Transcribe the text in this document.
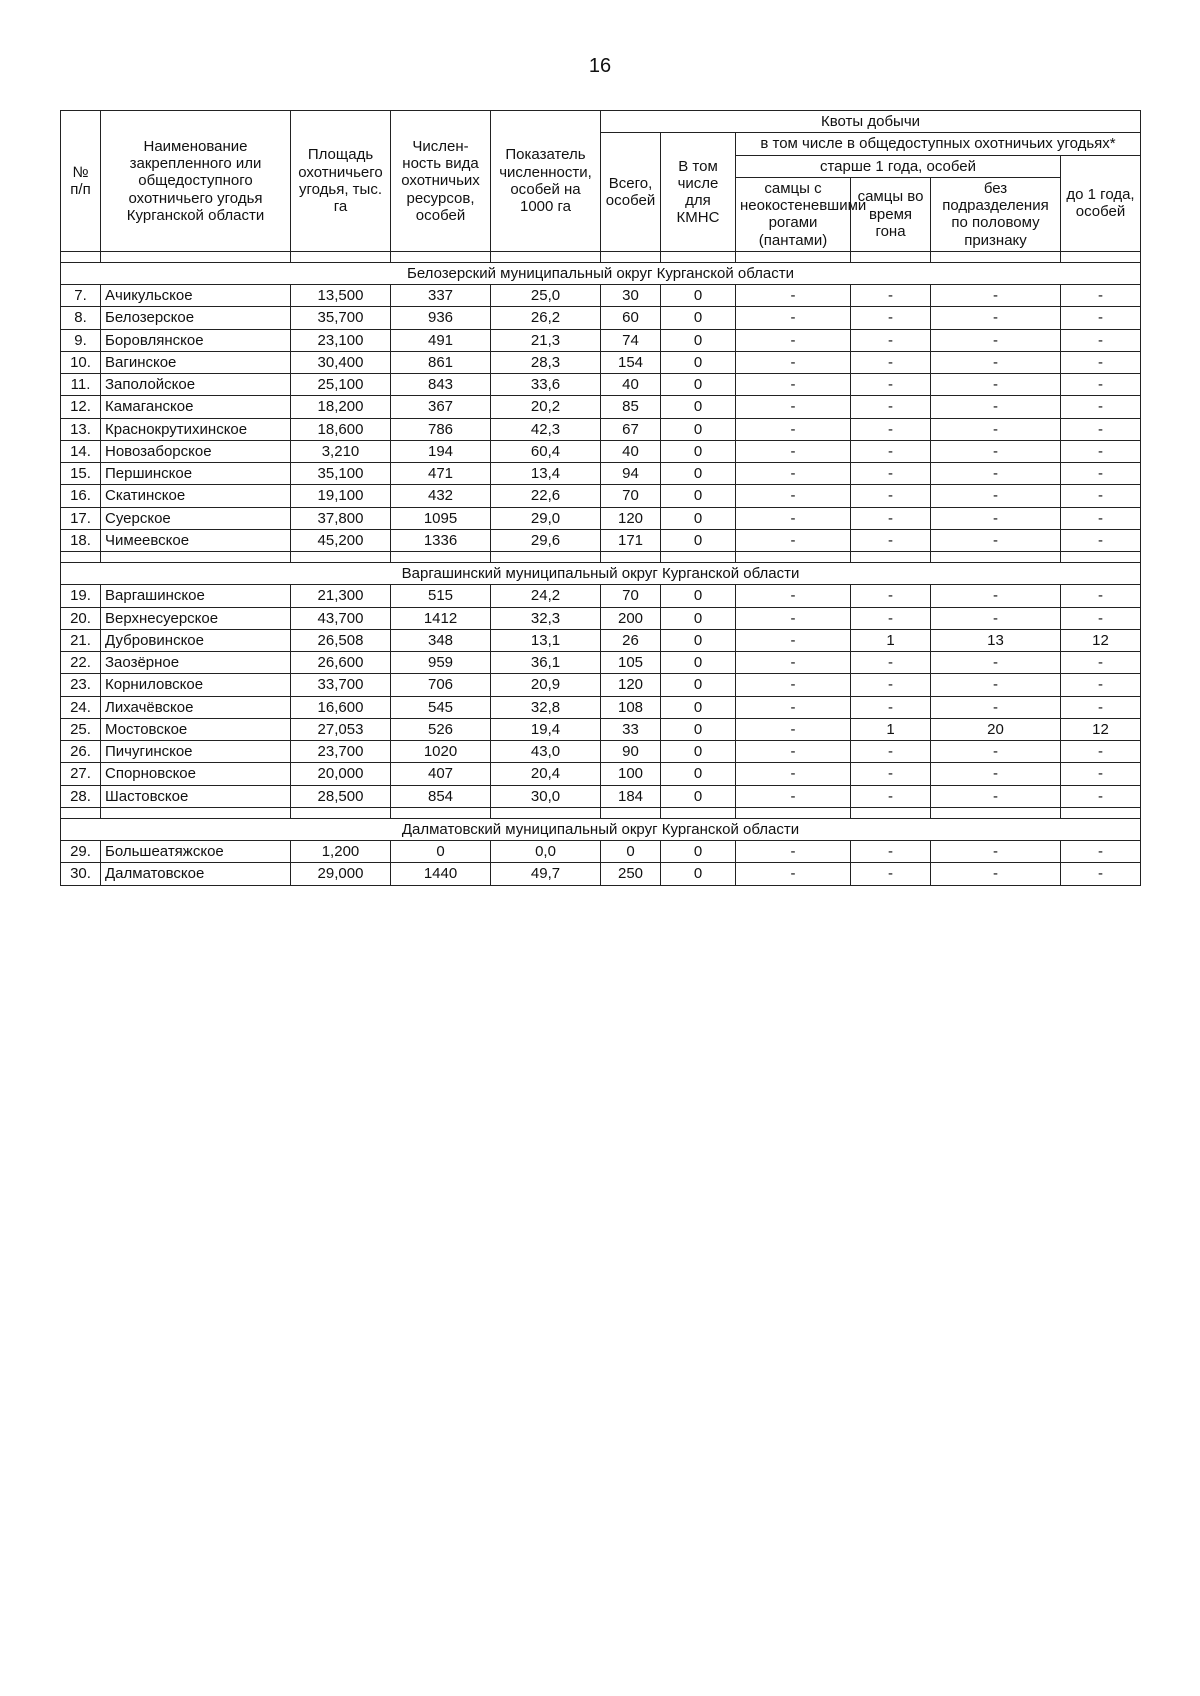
16
№ п/п	Наименование закрепленного или общедоступного охотничьего угодья Курганской области	Площадь охотничьего угодья, тыс. га	Числен-ность вида охотничьих ресурсов, особей	Показатель численности, особей на 1000 га	Квоты добычи					
					Всего, особей	В том числе для КМНС	в том числе в общедоступных охотничьих угодьях*			
							старше 1 года, особей			до 1 года, особей
							самцы с неокостеневшими рогами (пантами)	самцы во время гона	без подразделения по половому признаку	

Белозерский муниципальный округ Курганской области										
7.	Ачикульское	13,500	337	25,0	30	0	-	-	-	-
8.	Белозерское	35,700	936	26,2	60	0	-	-	-	-
9.	Боровлянское	23,100	491	21,3	74	0	-	-	-	-
10.	Вагинское	30,400	861	28,3	154	0	-	-	-	-
11.	Заполойское	25,100	843	33,6	40	0	-	-	-	-
12.	Камаганское	18,200	367	20,2	85	0	-	-	-	-
13.	Краснокрутихинское	18,600	786	42,3	67	0	-	-	-	-
14.	Новозаборское	3,210	194	60,4	40	0	-	-	-	-
15.	Першинское	35,100	471	13,4	94	0	-	-	-	-
16.	Скатинское	19,100	432	22,6	70	0	-	-	-	-
17.	Суерское	37,800	1095	29,0	120	0	-	-	-	-
18.	Чимеевское	45,200	1336	29,6	171	0	-	-	-	-

Варгашинский муниципальный округ Курганской области										
19.	Варгашинское	21,300	515	24,2	70	0	-	-	-	-
20.	Верхнесуерское	43,700	1412	32,3	200	0	-	-	-	-
21.	Дубровинское	26,508	348	13,1	26	0	-	1	13	12
22.	Заозёрное	26,600	959	36,1	105	0	-	-	-	-
23.	Корниловское	33,700	706	20,9	120	0	-	-	-	-
24.	Лихачёвское	16,600	545	32,8	108	0	-	-	-	-
25.	Мостовское	27,053	526	19,4	33	0	-	1	20	12
26.	Пичугинское	23,700	1020	43,0	90	0	-	-	-	-
27.	Спорновское	20,000	407	20,4	100	0	-	-	-	-
28.	Шастовское	28,500	854	30,0	184	0	-	-	-	-

Далматовский муниципальный округ Курганской области										
29.	Большеатяжское	1,200	0	0,0	0	0	-	-	-	-
30.	Далматовское	29,000	1440	49,7	250	0	-	-	-	-
